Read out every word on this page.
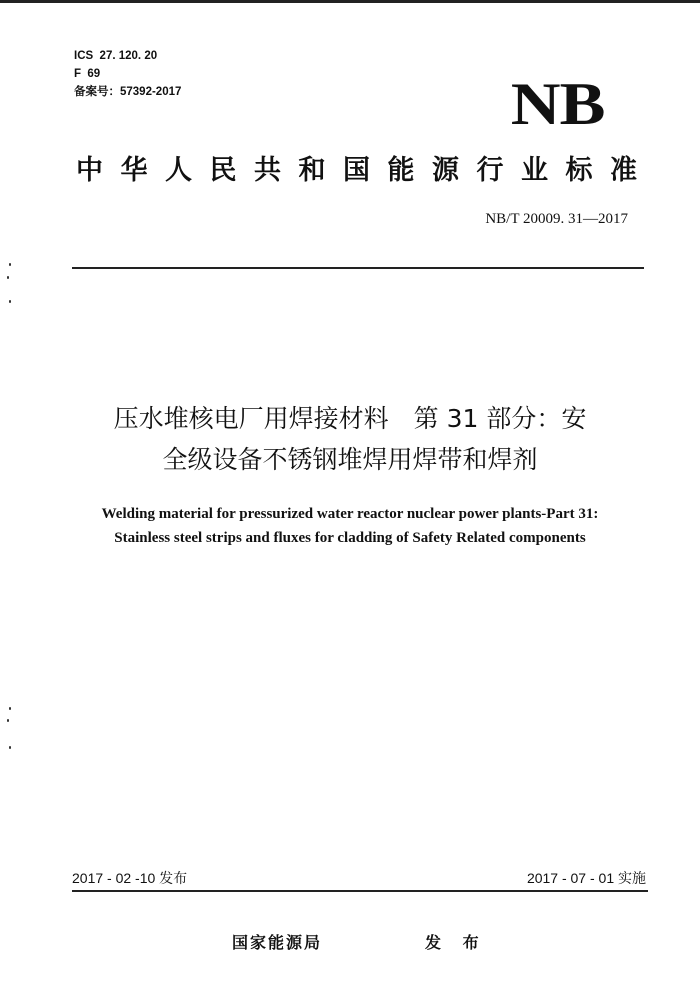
ICS  27. 120. 20
F  69
备案号：57392-2017	NB
中华人民共和国能源行业标准
NB/T 20009. 31—2017
压水堆核电厂用焊接材料　第 31 部分：安
全级设备不锈钢堆焊用焊带和焊剂
Welding material for pressurized water reactor nuclear power plants-Part 31:
Stainless steel strips and fluxes for cladding of Safety Related components
2017 - 02 -10 发布	2017 - 07 - 01 实施
国家能源局	发 布
